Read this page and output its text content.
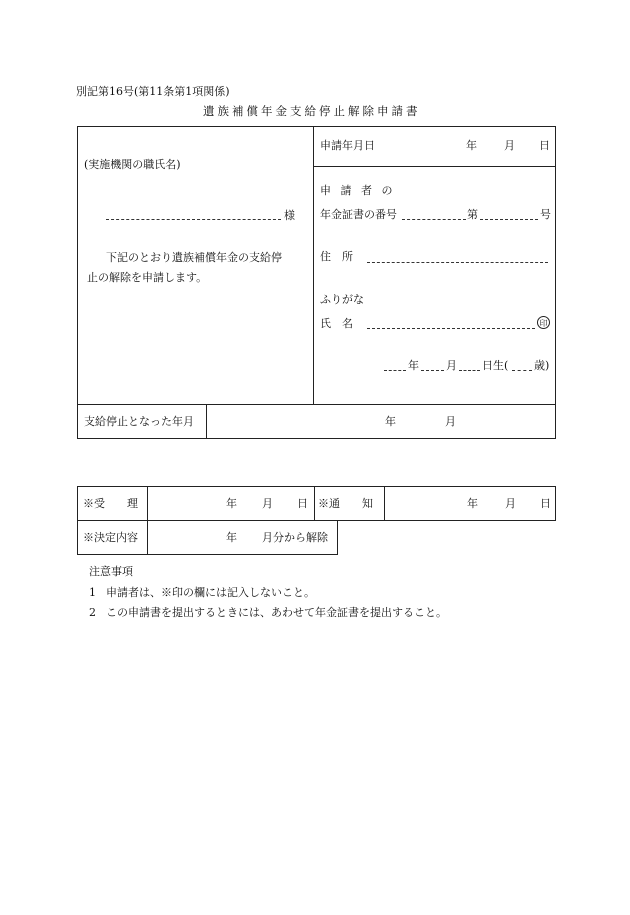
別記第16号(第11条第1項関係)
遺族補償年金支給停止解除申請書
(実施機関の職氏名)
様
下記のとおり遺族補償年金の支給停
止の解除を申請します。
申請年月日	年 月 日
申 請 者 の
年金証書の番号	第	号
住　所
ふりがな
氏　名	印
年 月 日生( 歳)
支給停止となった年月	年	月
※受　　理	年 月 日 ※通　　知	年 月 日
※決定内容	年 月分から解除
注意事項
1 申請者は、※印の欄には記入しないこと。
2 この申請書を提出するときには、あわせて年金証書を提出すること。
